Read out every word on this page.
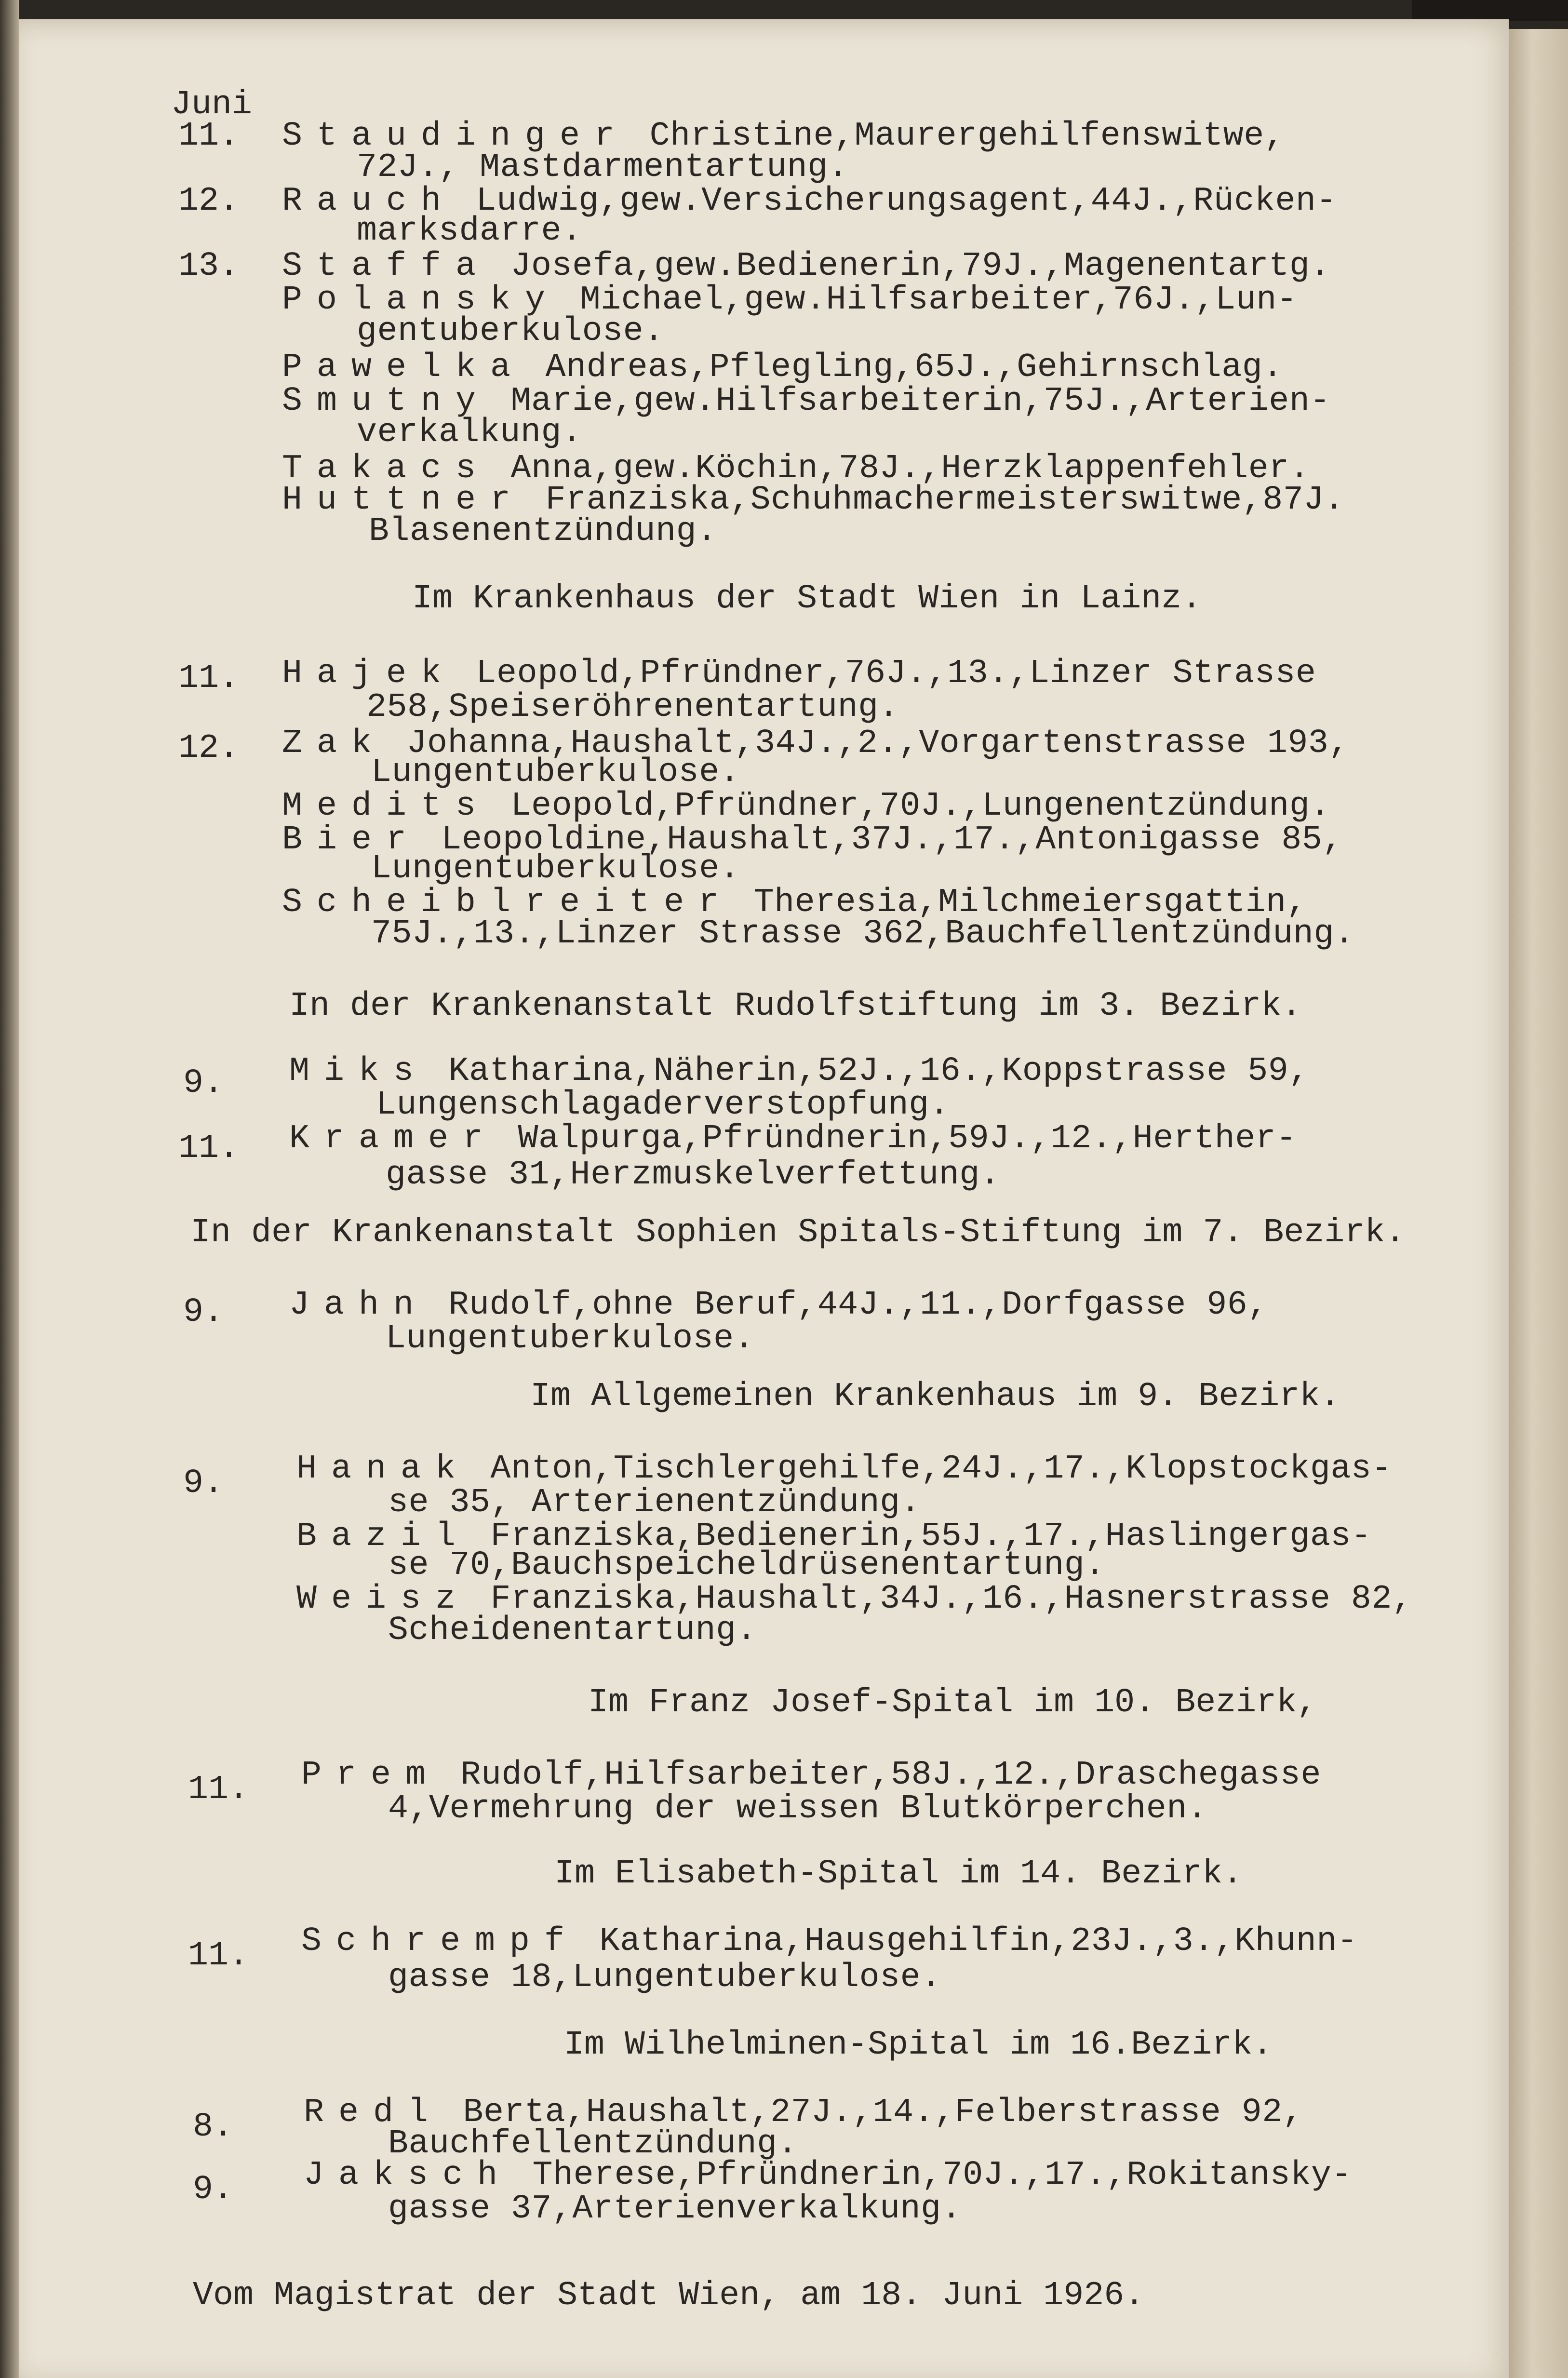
Juni
11. Staudinger Christine,Maurergehilfenswitwe,
72J., Mastdarmentartung.
12. Rauch Ludwig,gew.Versicherungsagent,44J.,Rücken-
marksdarre.
13. Staffa Josefa,gew.Bedienerin,79J.,Magenentartg.
Polansky Michael,gew.Hilfsarbeiter,76J.,Lun-
gentuberkulose.
Pawelka Andreas,Pflegling,65J.,Gehirnschlag.
Smutny Marie,gew.Hilfsarbeiterin,75J.,Arterien-
verkalkung.
Takacs Anna,gew.Köchin,78J.,Herzklappenfehler.
Huttner Franziska,Schuhmachermeisterswitwe,87J.
Blasenentzündung.
Im Krankenhaus der Stadt Wien in Lainz.
11. Hajek Leopold,Pfründner,76J.,13.,Linzer Strasse
258,Speiseröhrenentartung.
12. Zak Johanna,Haushalt,34J.,2.,Vorgartenstrasse 193,
Lungentuberkulose.
Medits Leopold,Pfründner,70J.,Lungenentzündung.
Bier Leopoldine,Haushalt,37J.,17.,Antonigasse 85,
Lungentuberkulose.
Scheiblreiter Theresia,Milchmeiersgattin,
75J.,13.,Linzer Strasse 362,Bauchfellentzündung.
In der Krankenanstalt Rudolfstiftung im 3. Bezirk.
9. Miks Katharina,Näherin,52J.,16.,Koppstrasse 59,
Lungenschlagaderverstopfung.
11. Kramer Walpurga,Pfründnerin,59J.,12.,Herther-
gasse 31,Herzmuskelverfettung.
In der Krankenanstalt Sophien Spitals-Stiftung im 7. Bezirk.
9. Jahn Rudolf,ohne Beruf,44J.,11.,Dorfgasse 96,
Lungentuberkulose.
Im Allgemeinen Krankenhaus im 9. Bezirk.
9. Hanak Anton,Tischlergehilfe,24J.,17.,Klopstockgas-
se 35, Arterienentzündung.
Bazil Franziska,Bedienerin,55J.,17.,Haslingergas-
se 70,Bauchspeicheldrüsenentartung.
Weisz Franziska,Haushalt,34J.,16.,Hasnerstrasse 82,
Scheidenentartung.
Im Franz Josef-Spital im 10. Bezirk,
11. Prem Rudolf,Hilfsarbeiter,58J.,12.,Draschegasse
4,Vermehrung der weissen Blutkörperchen.
Im Elisabeth-Spital im 14. Bezirk.
11. Schrempf Katharina,Hausgehilfin,23J.,3.,Khunn-
gasse 18,Lungentuberkulose.
Im Wilhelminen-Spital im 16.Bezirk.
8. Redl Berta,Haushalt,27J.,14.,Felberstrasse 92,
Bauchfellentzündung.
9. Jaksch Therese,Pfründnerin,70J.,17.,Rokitansky-
gasse 37,Arterienverkalkung.
Vom Magistrat der Stadt Wien, am 18. Juni 1926.
